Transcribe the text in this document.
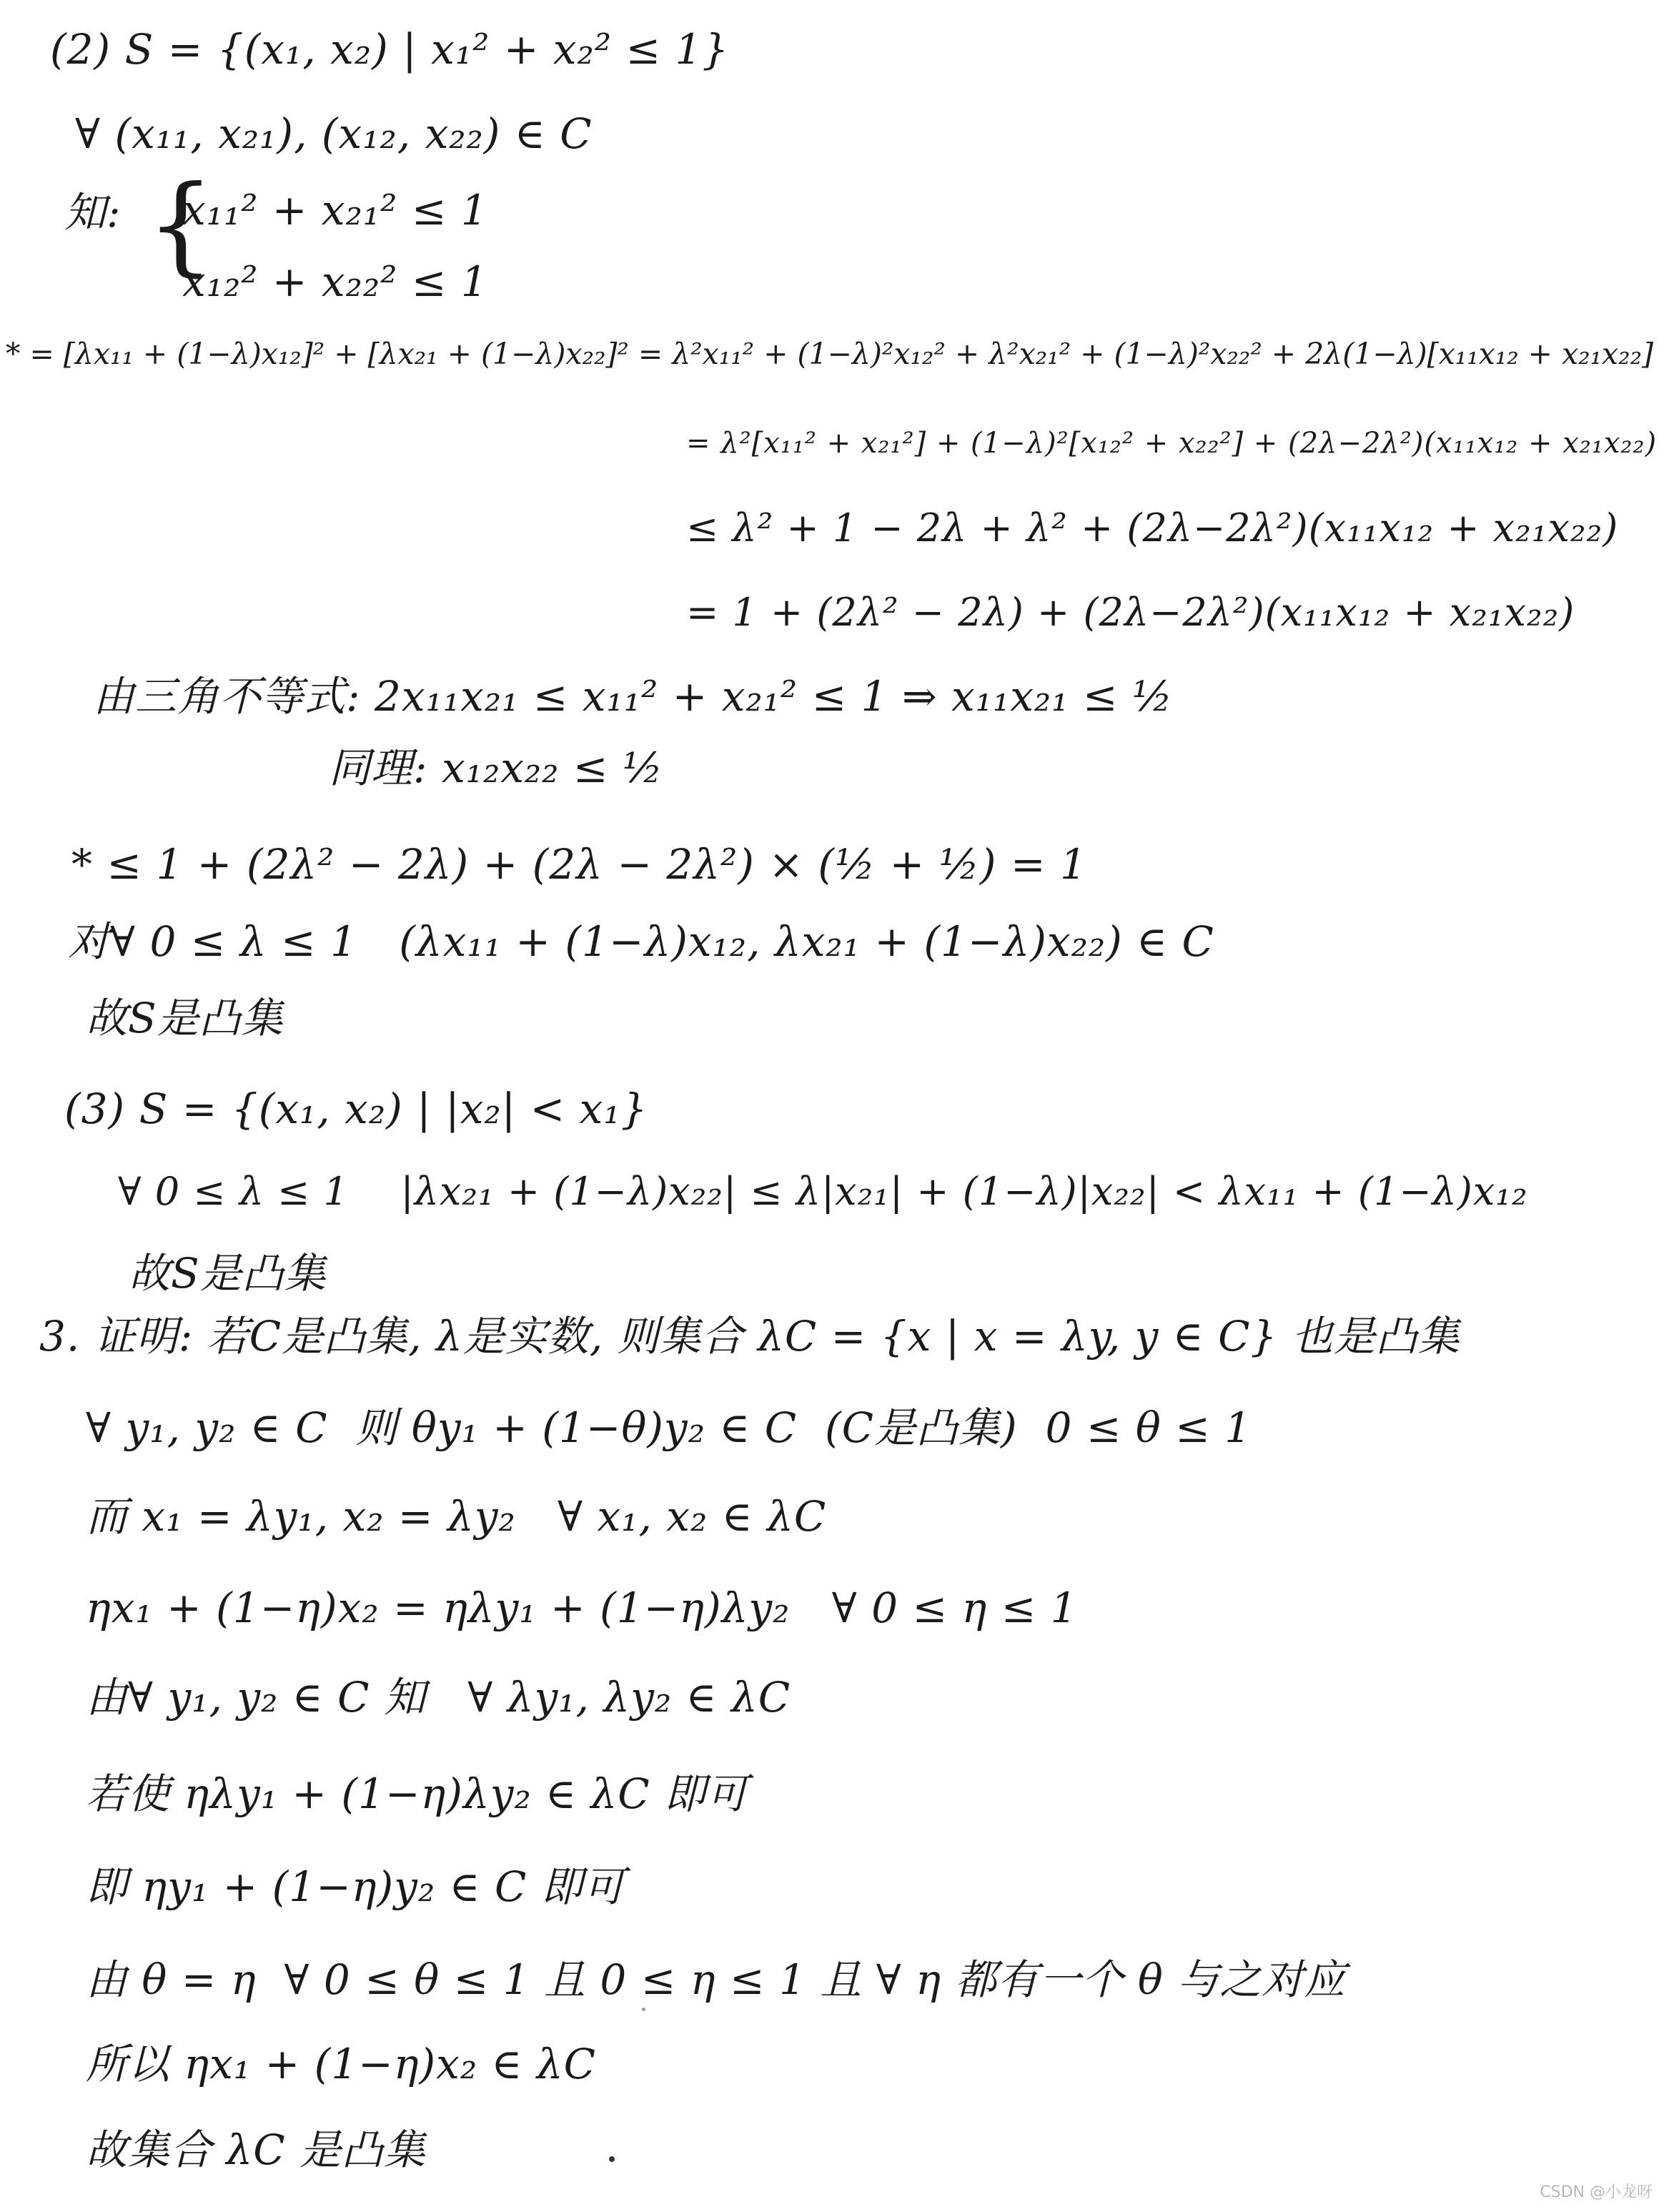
(2) S = {(x₁, x₂) | x₁² + x₂² ≤ 1}
∀ (x₁₁, x₂₁), (x₁₂, x₂₂) ∈ C
知: {
x₁₁² + x₂₁² ≤ 1
x₁₂² + x₂₂² ≤ 1
* = [λx₁₁ + (1−λ)x₁₂]² + [λx₂₁ + (1−λ)x₂₂]² = λ²x₁₁² + (1−λ)²x₁₂² + λ²x₂₁² + (1−λ)²x₂₂² + 2λ(1−λ)[x₁₁x₁₂ + x₂₁x₂₂]
= λ²[x₁₁² + x₂₁²] + (1−λ)²[x₁₂² + x₂₂²] + (2λ−2λ²)(x₁₁x₁₂ + x₂₁x₂₂)
≤ λ² + 1 − 2λ + λ² + (2λ−2λ²)(x₁₁x₁₂ + x₂₁x₂₂)
= 1 + (2λ² − 2λ) + (2λ−2λ²)(x₁₁x₁₂ + x₂₁x₂₂)
由三角不等式: 2x₁₁x₂₁ ≤ x₁₁² + x₂₁² ≤ 1 ⇒ x₁₁x₂₁ ≤ ½
同理: x₁₂x₂₂ ≤ ½
* ≤ 1 + (2λ² − 2λ) + (2λ − 2λ²) × (½ + ½) = 1
对∀ 0 ≤ λ ≤ 1   (λx₁₁ + (1−λ)x₁₂, λx₂₁ + (1−λ)x₂₂) ∈ C
故S是凸集
(3) S = {(x₁, x₂) | |x₂| < x₁}
∀ 0 ≤ λ ≤ 1    |λx₂₁ + (1−λ)x₂₂| ≤ λ|x₂₁| + (1−λ)|x₂₂| < λx₁₁ + (1−λ)x₁₂
故S是凸集
3. 证明: 若C是凸集, λ是实数, 则集合 λC = {x | x = λy, y ∈ C} 也是凸集
∀ y₁, y₂ ∈ C  则 θy₁ + (1−θ)y₂ ∈ C  (C是凸集)  0 ≤ θ ≤ 1
而 x₁ = λy₁, x₂ = λy₂   ∀ x₁, x₂ ∈ λC
ηx₁ + (1−η)x₂ = ηλy₁ + (1−η)λy₂   ∀ 0 ≤ η ≤ 1
由∀ y₁, y₂ ∈ C 知   ∀ λy₁, λy₂ ∈ λC
若使 ηλy₁ + (1−η)λy₂ ∈ λC 即可
即 ηy₁ + (1−η)y₂ ∈ C 即可
由 θ = η  ∀ 0 ≤ θ ≤ 1 且 0 ≤ η ≤ 1 且 ∀ η 都有一个 θ 与之对应
所以 ηx₁ + (1−η)x₂ ∈ λC
故集合 λC 是凸集
CSDN @小龙呀
